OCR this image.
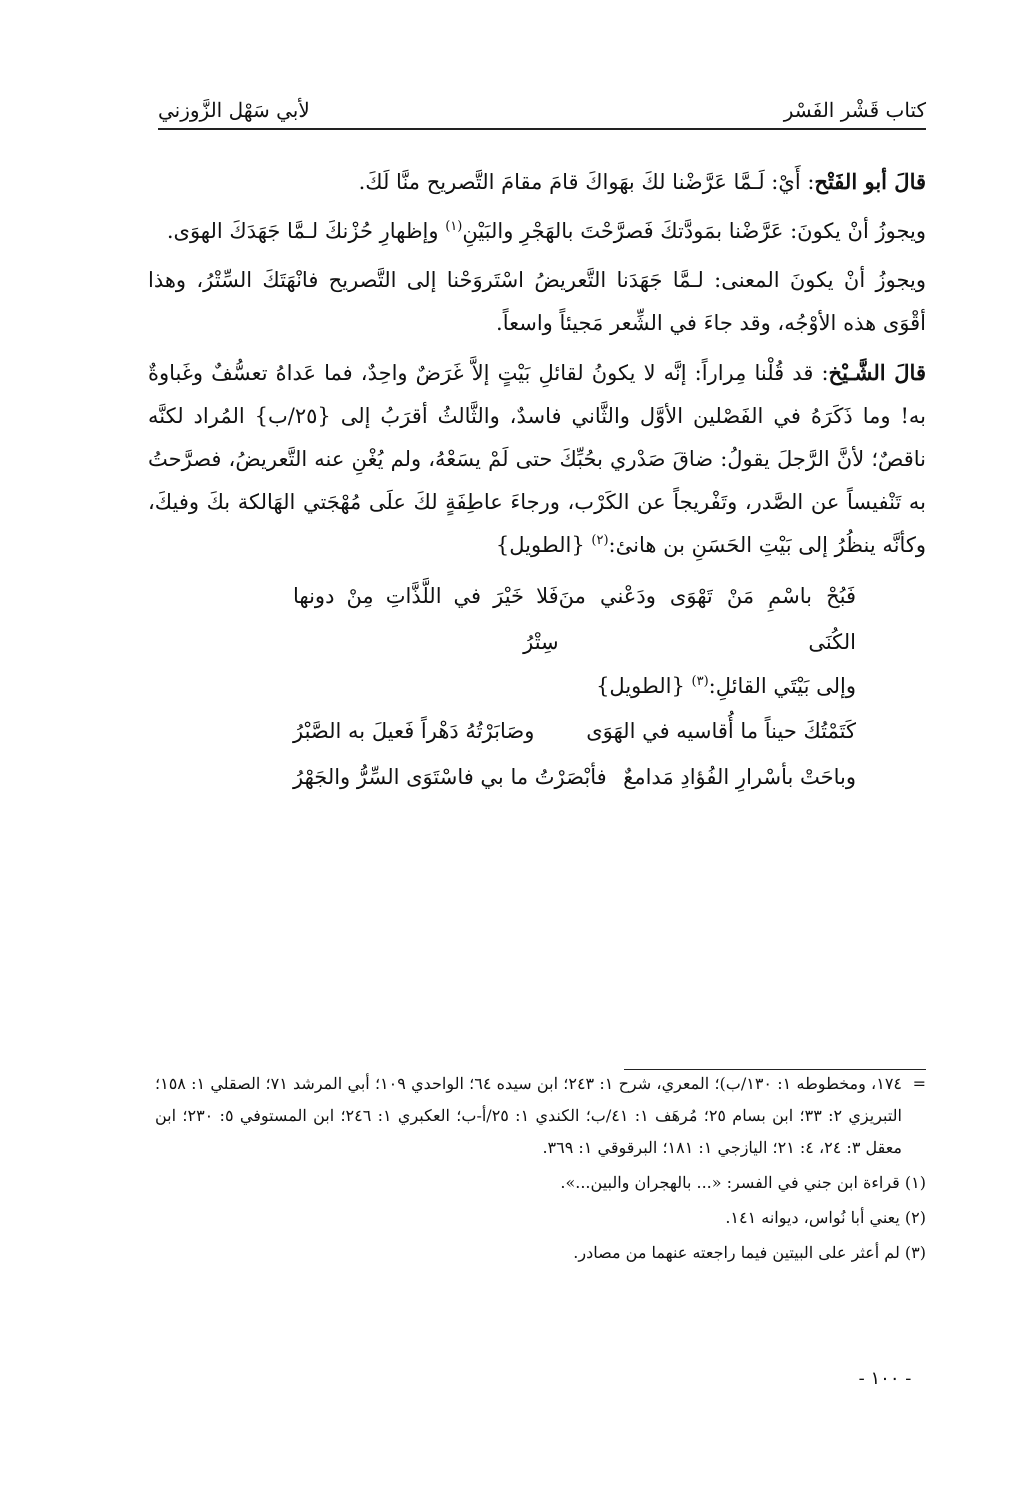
كتاب قَشْر الفَسْر
لأبي سَهْل الزَّوزني

قالَ أبو الفَتْح: أَيْ: لَـمَّا عَرَّضْنا لكَ بهَواكَ قامَ مقامَ التَّصريح منَّا لَكَ.

ويجوزُ أنْ يكونَ: عَرَّضْنا بمَودَّتكَ فَصرَّحْتَ بالهَجْرِ والبَيْنِ$^{(١)}$ وإظهارِ حُزْنكَ لـمَّا جَهَدَكَ الهوَى.

ويجوزُ أنْ يكونَ المعنى: لـمَّا جَهَدَنا التَّعريضُ اسْتَروَحْنا إلى التَّصريح فانْهَتَكَ السِّتْرُ، وهذا أقْوَى هذه الأوْجُه، وقد جاءَ في الشِّعر مَجيئاً واسعاً.

قالَ الشَّـيْخ: قد قُلْنا مِراراً: إنَّه لا يكونُ لقائلِ بَيْتٍ إلاَّ غَرَضٌ واحِدٌ، فما عَداهُ تعسُّفٌ وغَباوةٌ به! وما ذَكَرَهُ في الفَصْلين الأوَّل والثَّاني فاسدٌ، والثَّالثُ أقرَبُ إلى {٢٥/ب} المُراد لكنَّه ناقصٌ؛ لأنَّ الرَّجلَ يقولُ: ضاقَ صَدْري بحُبِّكَ حتى لَمْ يسَعْهُ، ولم يُغْنِ عنه التَّعريضُ، فصرَّحتُ به تَنْفيساً عن الصَّدر، وتَفْريجاً عن الكَرْب، ورجاءَ عاطِفَةٍ لكَ علَى مُهْجَتي الهَالكة بكَ وفيكَ، وكأنَّه ينظُرُ إلى بَيْتِ الحَسَنِ بن هانئ:$^{(٢)}$ {الطويل}

فَبُحْ باسْمِ مَنْ تَهْوَى ودَعْني منَ الكُنَى
فَلا خَيْرَ في اللَّذَّاتِ مِنْ دونها سِتْرُ
وإلى بَيْتَي القائلِ:$^{(٣)}$ {الطويل}
كَتَمْتُكَ حيناً ما أُقاسيه في الهَوَى
وصَابَرْتُهُ دَهْراً فَعيلَ به الصَّبْرُ
وباحَتْ بأسْرارِ الفُؤادِ مَدامعٌ
فأبْصَرْتُ ما بي فاسْتَوَى السِّرُّ والجَهْرُ
=
١٧٤، ومخطوطه ١: ١٣٠/ب)؛ المعري، شرح ١: ٢٤٣؛ ابن سيده ٦٤؛ الواحدي ١٠٩؛ أبي المرشد ٧١؛ الصقلي ١: ١٥٨؛ التبريزي ٢: ٣٣؛ ابن بسام ٢٥؛ مُرهَف ١: ٤١/ب؛ الكندي ١: ٢٥/أ-ب؛ العكبري ١: ٢٤٦؛ ابن المستوفي ٥: ٢٣٠؛ ابن معقل ٣: ٢٤، ٤: ٢١؛ اليازجي ١: ١٨١؛ البرقوقي ١: ٣٦٩.

(١) قراءة ابن جني في الفسر: «... بالهجران والبين...».

(٢) يعني أبا نُواس، ديوانه ١٤١.

(٣) لم أعثر على البيتين فيما راجعته عنهما من مصادر.

- ١٠٠ -
